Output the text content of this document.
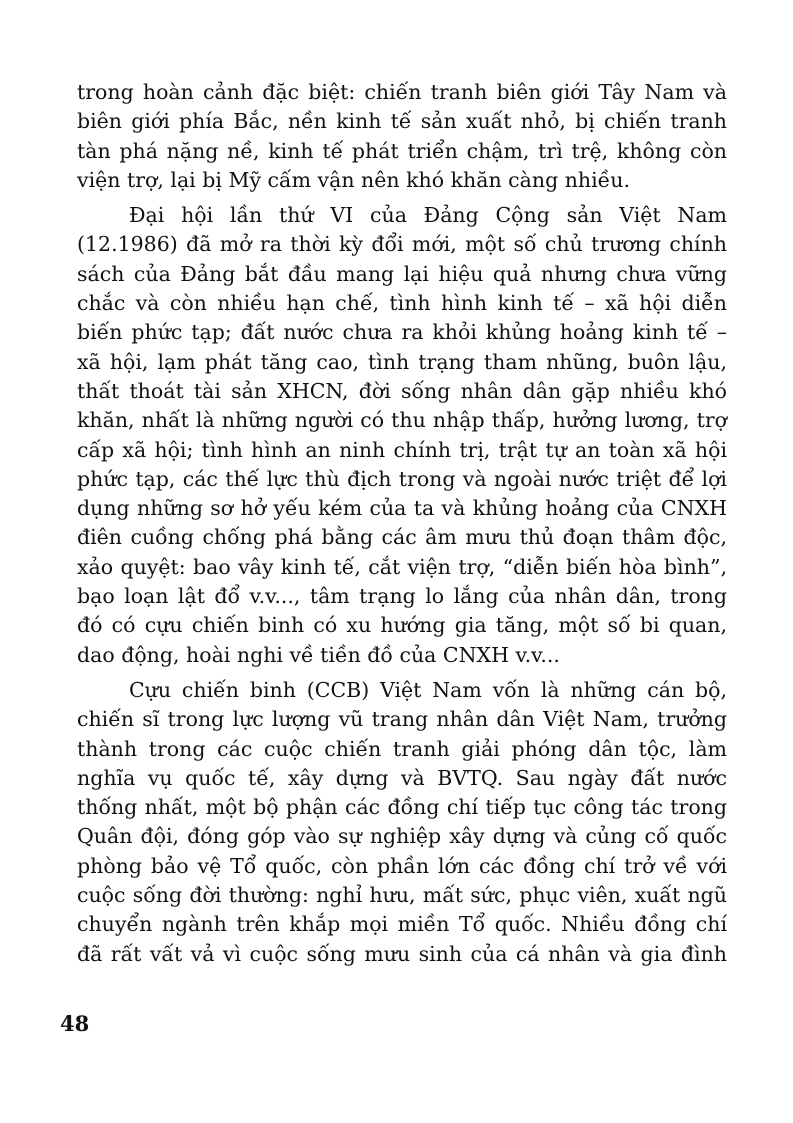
trong hoàn cảnh đặc biệt: chiến tranh biên giới Tây Nam và
biên giới phía Bắc, nền kinh tế sản xuất nhỏ, bị chiến tranh
tàn phá nặng nề, kinh tế phát triển chậm, trì trệ, không còn
viện trợ, lại bị Mỹ cấm vận nên khó khăn càng nhiều.
Đại hội lần thứ VI của Đảng Cộng sản Việt Nam
(12.1986) đã mở ra thời kỳ đổi mới, một số chủ trương chính
sách của Đảng bắt đầu mang lại hiệu quả nhưng chưa vững
chắc và còn nhiều hạn chế, tình hình kinh tế – xã hội diễn
biến phức tạp; đất nước chưa ra khỏi khủng hoảng kinh tế –
xã hội, lạm phát tăng cao, tình trạng tham nhũng, buôn lậu,
thất thoát tài sản XHCN, đời sống nhân dân gặp nhiều khó
khăn, nhất là những người có thu nhập thấp, hưởng lương, trợ
cấp xã hội; tình hình an ninh chính trị, trật tự an toàn xã hội
phức tạp, các thế lực thù địch trong và ngoài nước triệt để lợi
dụng những sơ hở yếu kém của ta và khủng hoảng của CNXH
điên cuồng chống phá bằng các âm mưu thủ đoạn thâm độc,
xảo quyệt: bao vây kinh tế, cắt viện trợ, “diễn biến hòa bình”,
bạo loạn lật đổ v.v..., tâm trạng lo lắng của nhân dân, trong
đó có cựu chiến binh có xu hướng gia tăng, một số bi quan,
dao động, hoài nghi về tiền đồ của CNXH v.v...
Cựu chiến binh (CCB) Việt Nam vốn là những cán bộ,
chiến sĩ trong lực lượng vũ trang nhân dân Việt Nam, trưởng
thành trong các cuộc chiến tranh giải phóng dân tộc, làm
nghĩa vụ quốc tế, xây dựng và BVTQ. Sau ngày đất nước
thống nhất, một bộ phận các đồng chí tiếp tục công tác trong
Quân đội, đóng góp vào sự nghiệp xây dựng và củng cố quốc
phòng bảo vệ Tổ quốc, còn phần lớn các đồng chí trở về với
cuộc sống đời thường: nghỉ hưu, mất sức, phục viên, xuất ngũ
chuyển ngành trên khắp mọi miền Tổ quốc. Nhiều đồng chí
đã rất vất vả vì cuộc sống mưu sinh của cá nhân và gia đình
48
